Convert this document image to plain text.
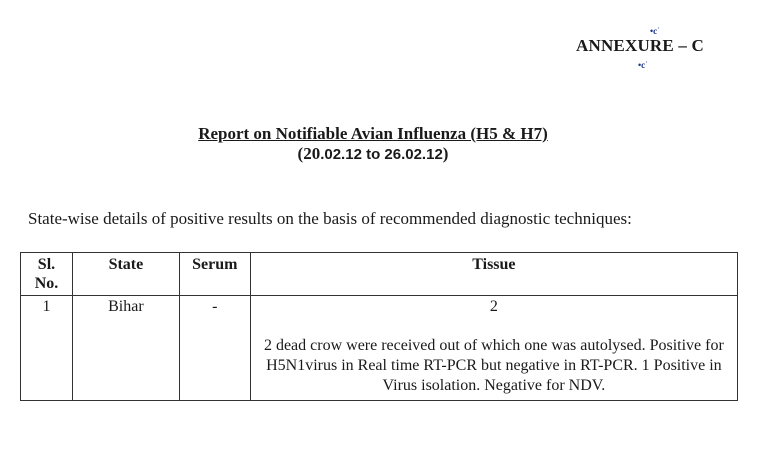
ANNEXURE – C
•cʾ
•cʾ
Report on Notifiable Avian Influenza (H5 & H7)
(20.02.12 to 26.02.12)
State-wise details of positive results on the basis of recommended diagnostic techniques:
Sl. No.	State	Serum	Tissue
1	Bihar	-	2
2 dead crow were received out of which one was autolysed. Positive for H5N1virus in Real time RT-PCR but negative in RT-PCR. 1 Positive in Virus isolation. Negative for NDV.
